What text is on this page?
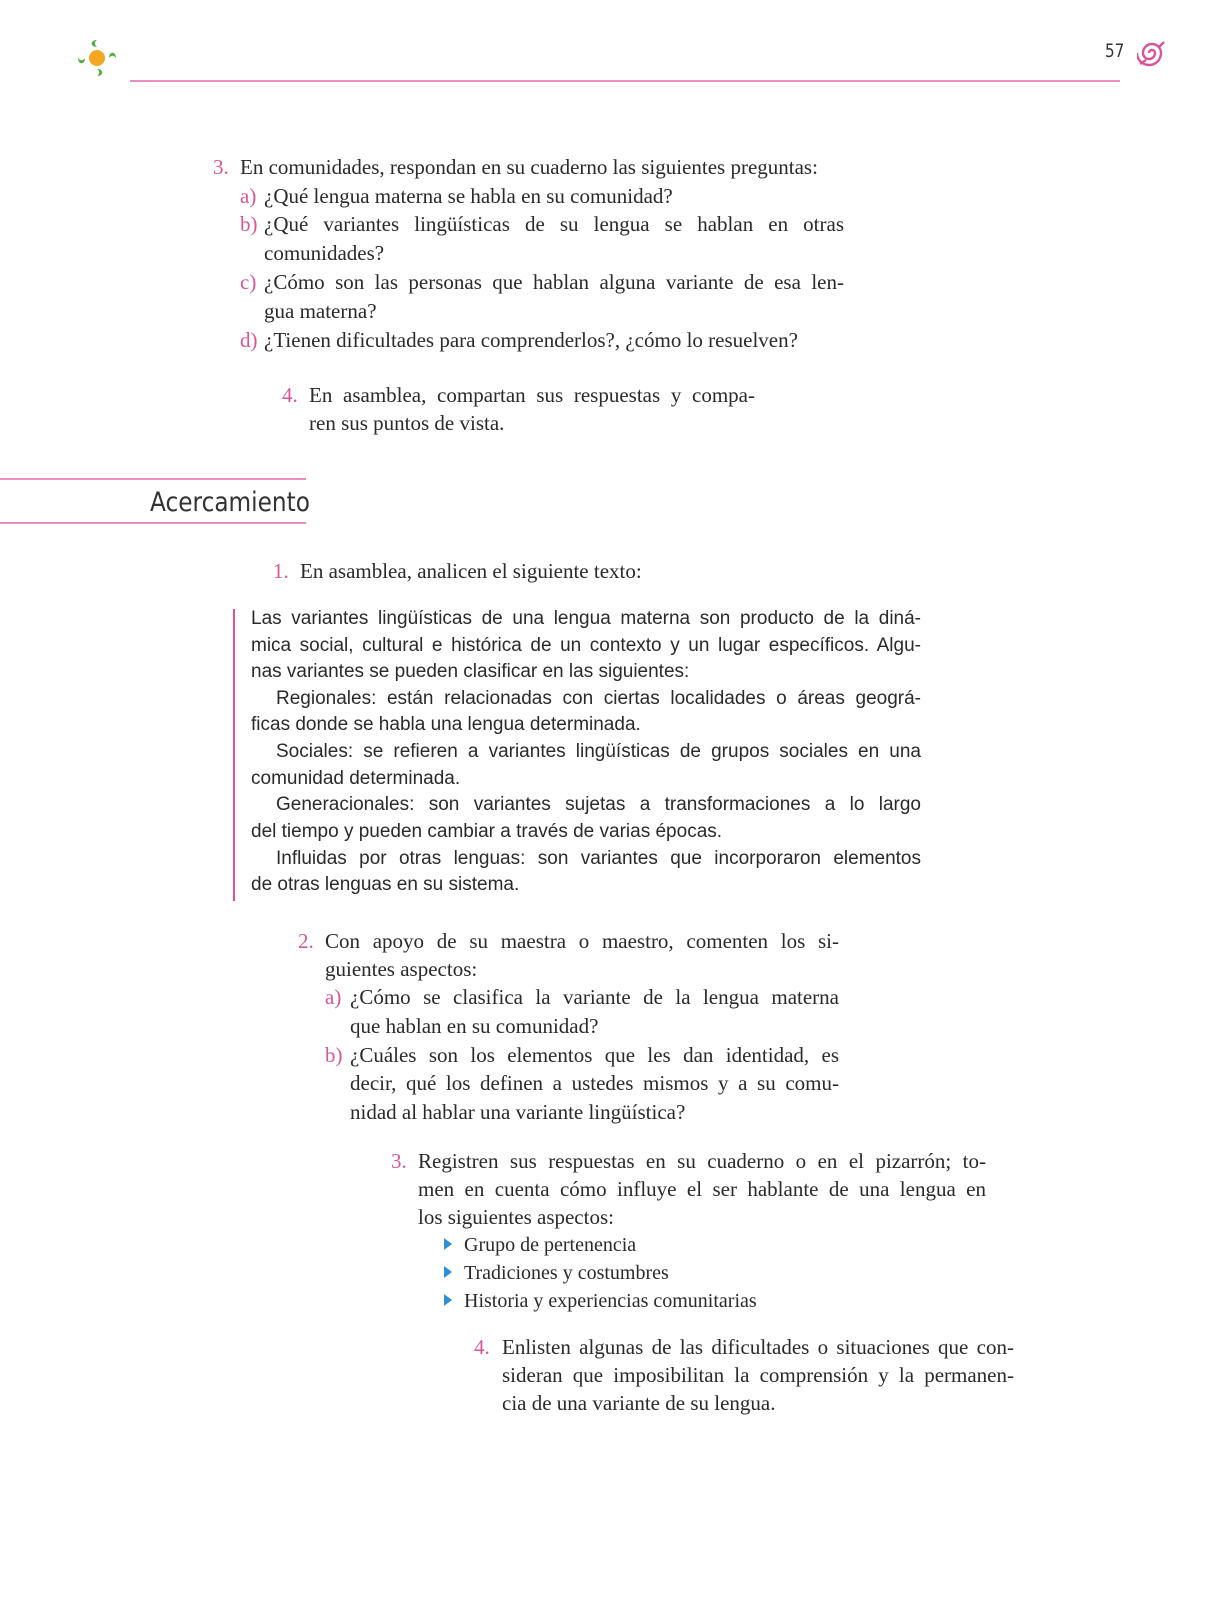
57
3. En comunidades, respondan en su cuaderno las siguientes preguntas:
a) ¿Qué lengua materna se habla en su comunidad?
b) ¿Qué variantes lingüísticas de su lengua se hablan en otras
comunidades?
c) ¿Cómo son las personas que hablan alguna variante de esa len-
gua materna?
d) ¿Tienen dificultades para comprenderlos?, ¿cómo lo resuelven?
4. En asamblea, compartan sus respuestas y compa-
ren sus puntos de vista.
Acercamiento
1. En asamblea, analicen el siguiente texto:
Las variantes lingüísticas de una lengua materna son producto de la diná-
mica social, cultural e histórica de un contexto y un lugar específicos. Algu-
nas variantes se pueden clasificar en las siguientes:
Regionales: están relacionadas con ciertas localidades o áreas geográ-
ficas donde se habla una lengua determinada.
Sociales: se refieren a variantes lingüísticas de grupos sociales en una
comunidad determinada.
Generacionales: son variantes sujetas a transformaciones a lo largo
del tiempo y pueden cambiar a través de varias épocas.
Influidas por otras lenguas: son variantes que incorporaron elementos
de otras lenguas en su sistema.
2. Con apoyo de su maestra o maestro, comenten los si-
guientes aspectos:
a) ¿Cómo se clasifica la variante de la lengua materna
que hablan en su comunidad?
b) ¿Cuáles son los elementos que les dan identidad, es
decir, qué los definen a ustedes mismos y a su comu-
nidad al hablar una variante lingüística?
3. Registren sus respuestas en su cuaderno o en el pizarrón; to-
men en cuenta cómo influye el ser hablante de una lengua en
los siguientes aspectos:
Grupo de pertenencia
Tradiciones y costumbres
Historia y experiencias comunitarias
4. Enlisten algunas de las dificultades o situaciones que con-
sideran que imposibilitan la comprensión y la permanen-
cia de una variante de su lengua.
